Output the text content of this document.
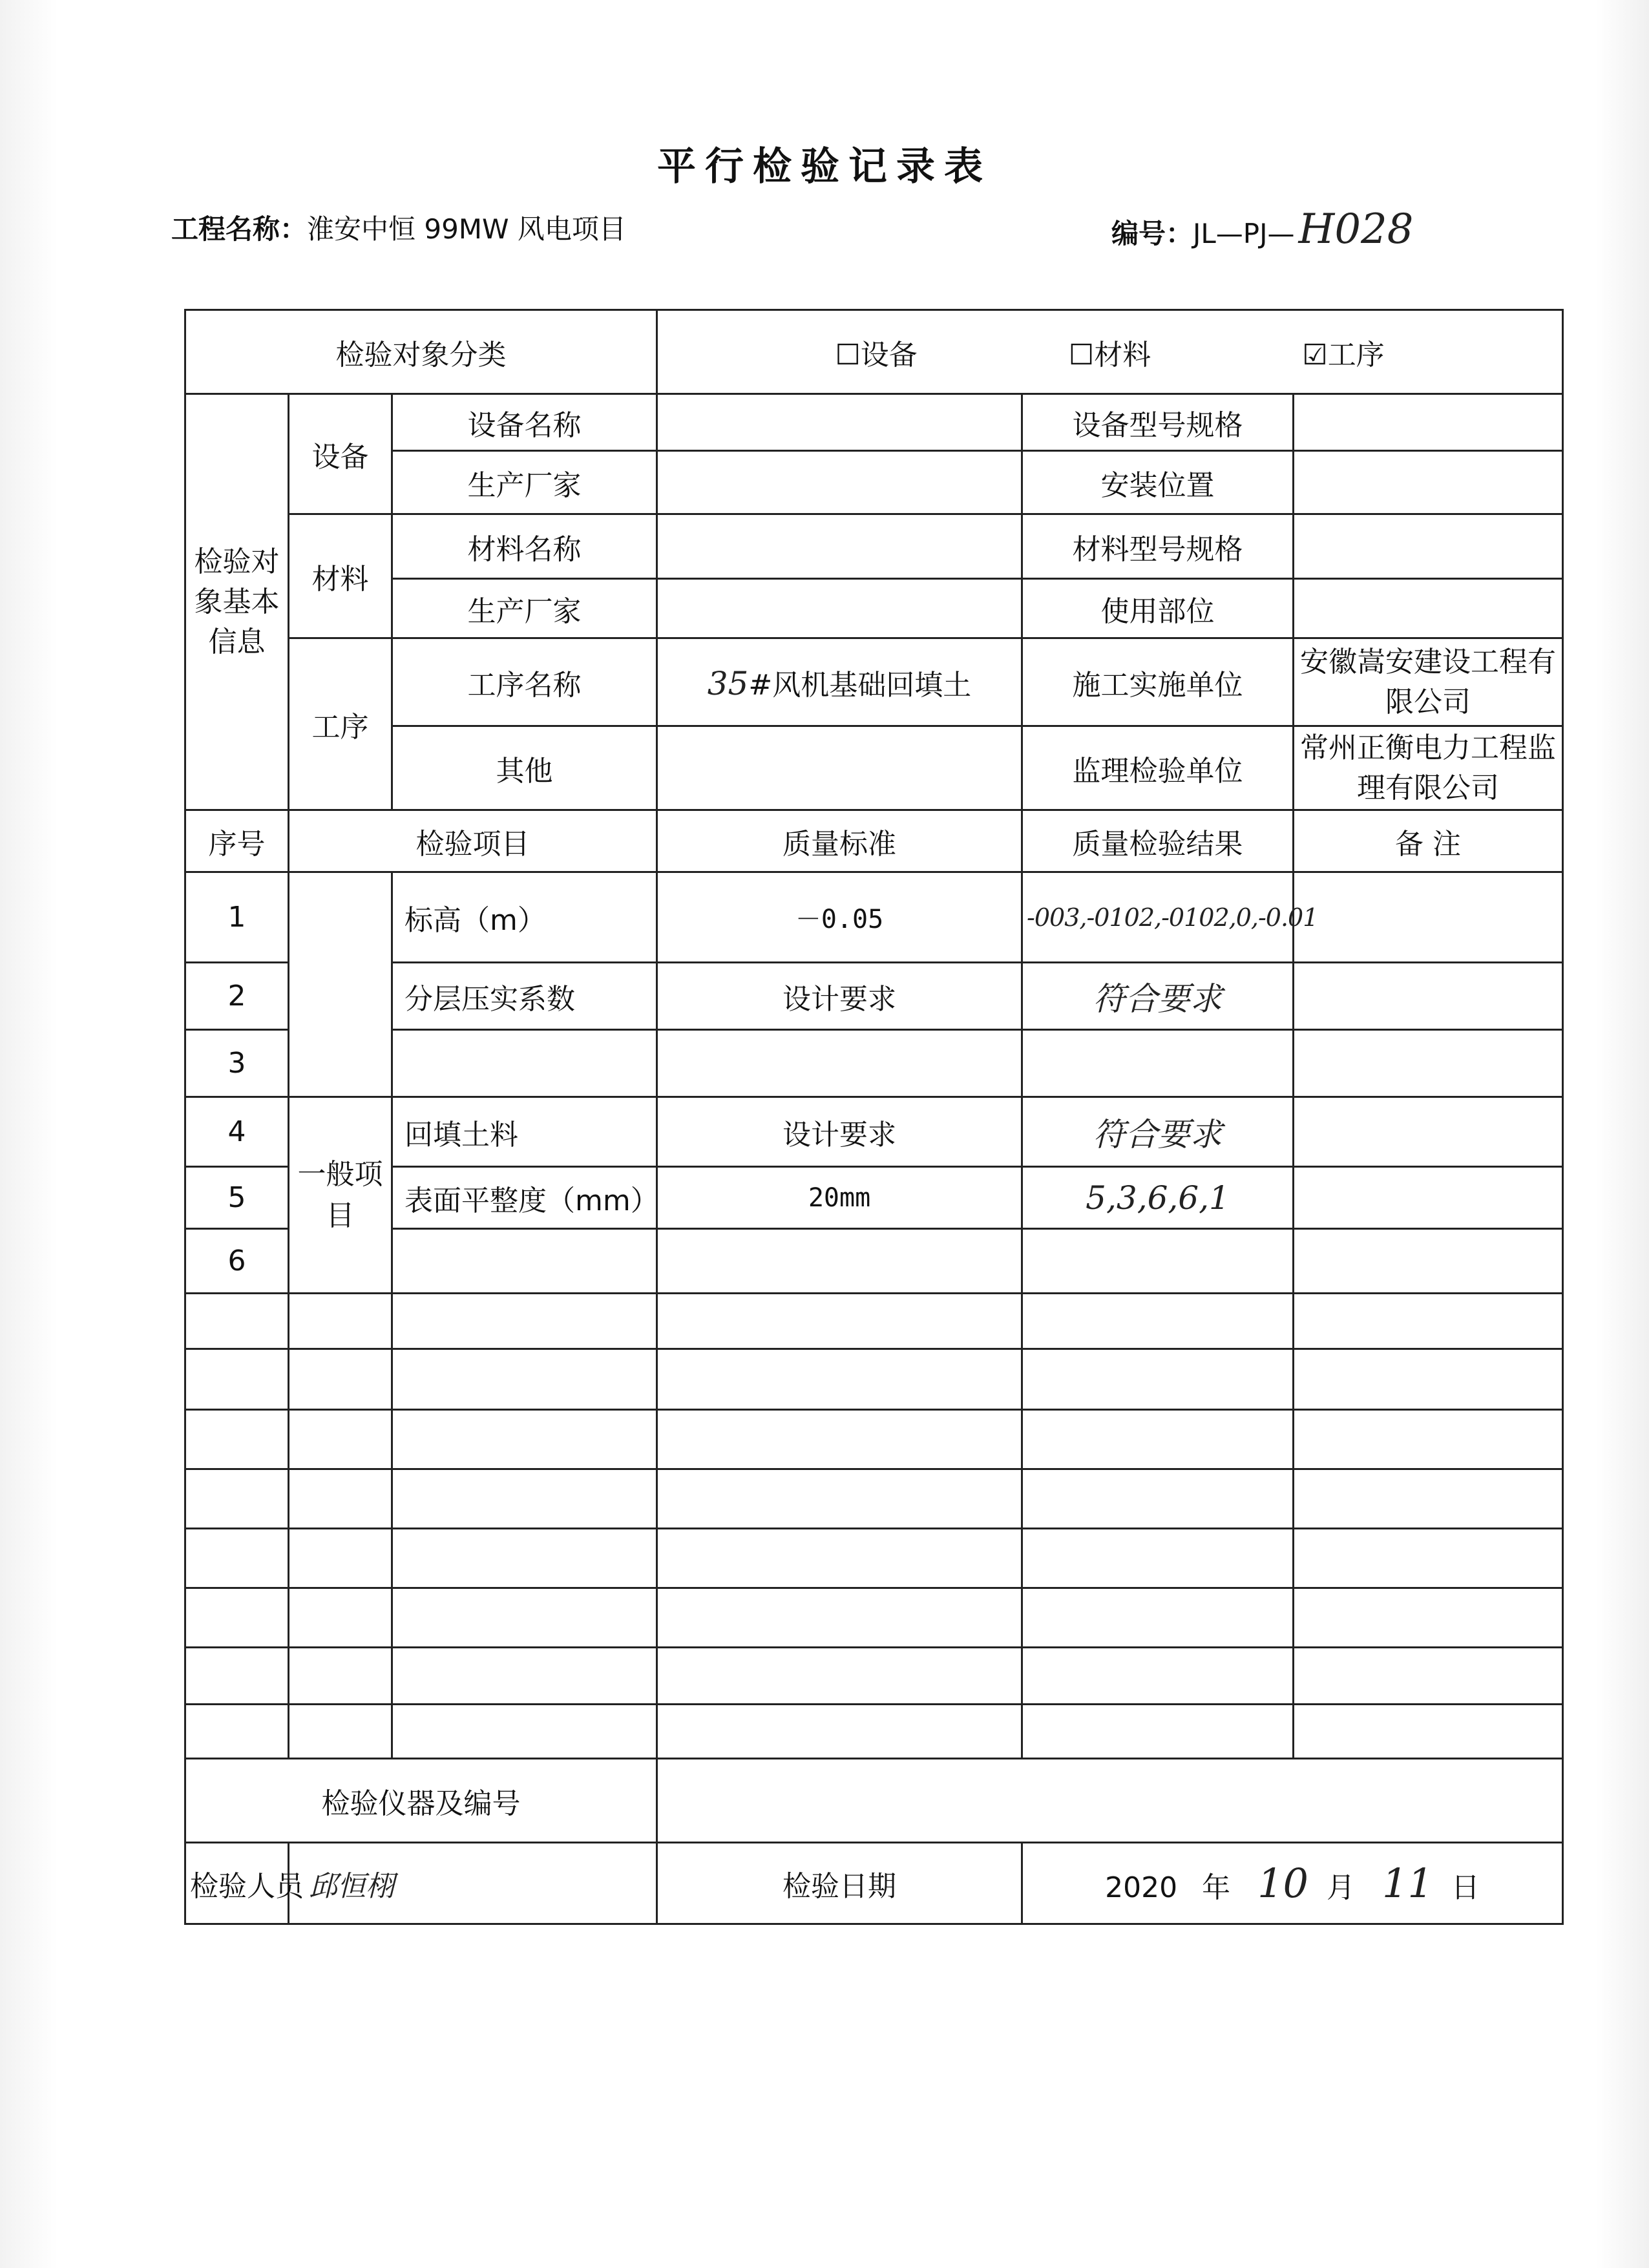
平行检验记录表
工程名称：淮安中恒 99MW 风电项目	编号：JL—PJ—H028
检验对象分类			☐设备 ☐材料 ☑工序		
检验对象基本信息	设备	设备名称		设备型号规格	
		生产厂家		安装位置	
	材料	材料名称		材料型号规格	
		生产厂家		使用部位	
	工序	工序名称	35#风机基础回填土	施工实施单位	安徽嵩安建设工程有限公司
		其他		监理检验单位	常州正衡电力工程监理有限公司
序号	检验项目		质量标准	质量检验结果	备 注
1		标高（m）	－0.05	-003,-0102,-0102,0,-0.01	
2		分层压实系数	设计要求	符合要求	
3					
4	一般项目	回填土料	设计要求	符合要求	
5		表面平整度（mm）	20mm	5,3,6,6,1	
6					

检验仪器及编号					
检验人员	邱恒栩		检验日期	2020 年 10 月 11 日	
